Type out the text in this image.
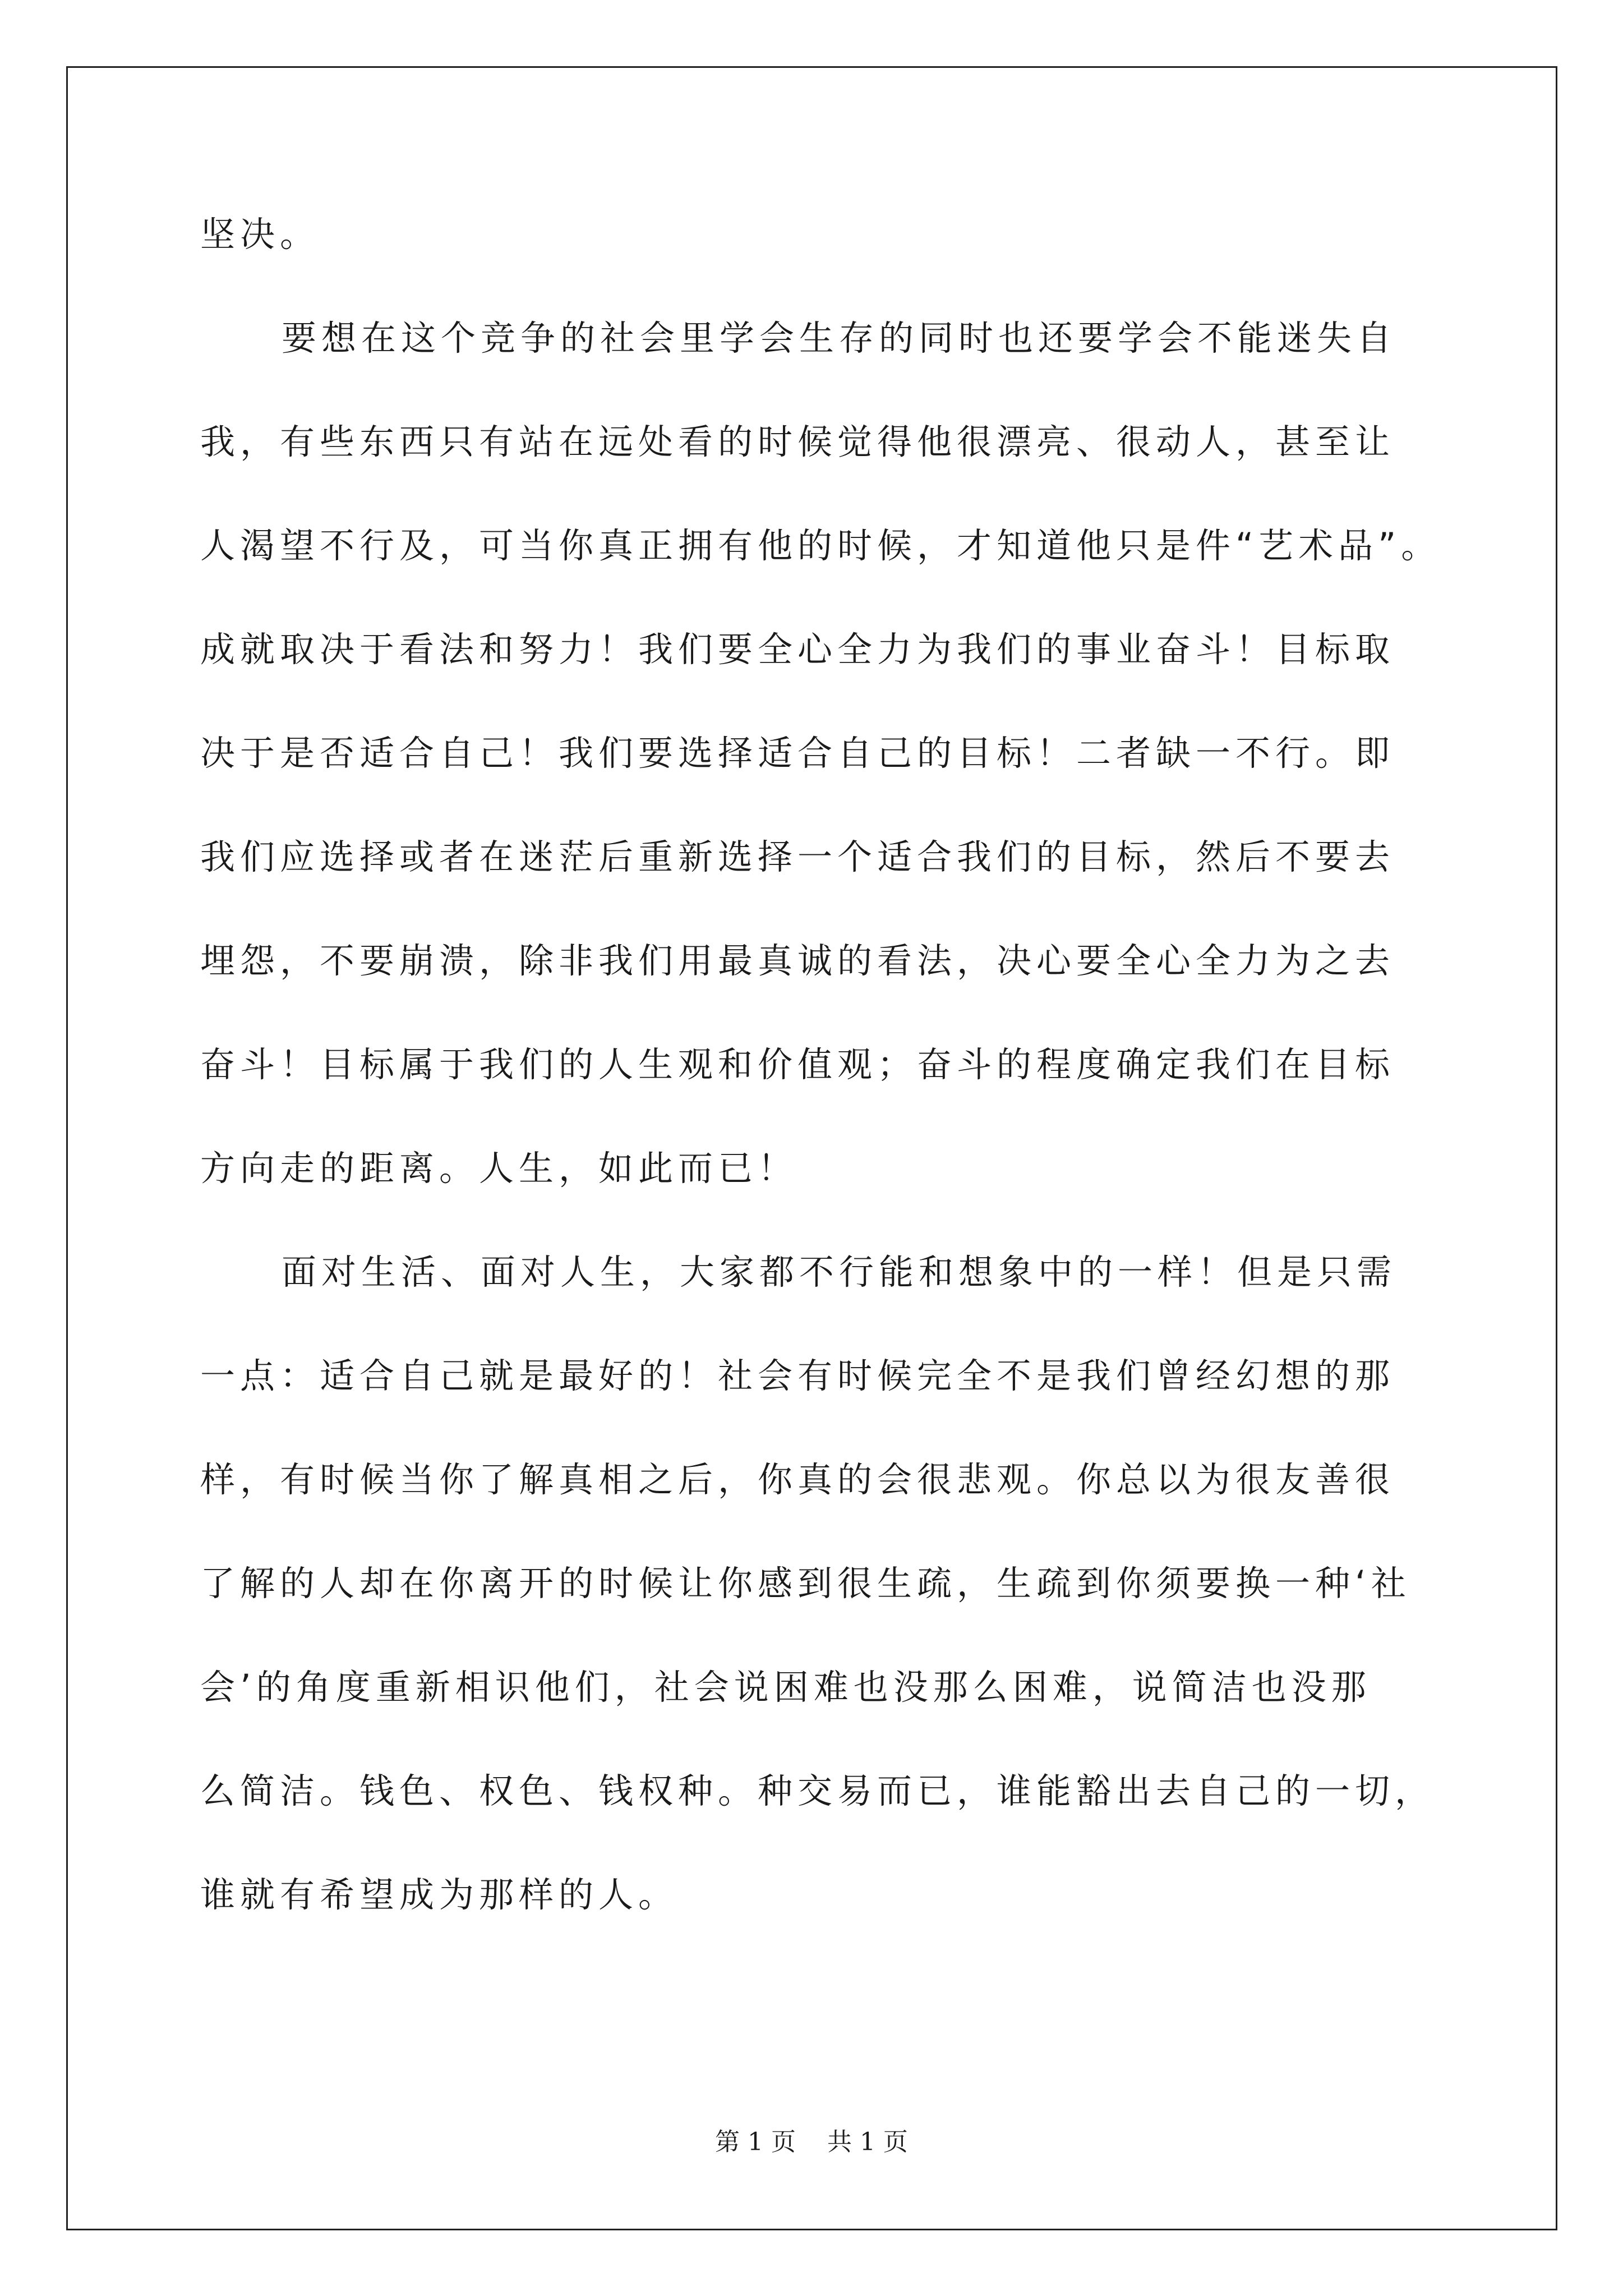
坚决。
要想在这个竞争的社会里学会生存的同时也还要学会不能迷失自
我，有些东西只有站在远处看的时候觉得他很漂亮、很动人，甚至让
人渴望不行及，可当你真正拥有他的时候，才知道他只是件“艺术品”。
成就取决于看法和努力！我们要全心全力为我们的事业奋斗！目标取
决于是否适合自己！我们要选择适合自己的目标！二者缺一不行。即
我们应选择或者在迷茫后重新选择一个适合我们的目标，然后不要去
埋怨，不要崩溃，除非我们用最真诚的看法，决心要全心全力为之去
奋斗！目标属于我们的人生观和价值观；奋斗的程度确定我们在目标
方向走的距离。人生，如此而已！
面对生活、面对人生，大家都不行能和想象中的一样！但是只需
一点：适合自己就是最好的！社会有时候完全不是我们曾经幻想的那
样，有时候当你了解真相之后，你真的会很悲观。你总以为很友善很
了解的人却在你离开的时候让你感到很生疏，生疏到你须要换一种‘社
会’的角度重新相识他们，社会说困难也没那么困难，说简洁也没那
么简洁。钱色、权色、钱权种。种交易而已，谁能豁出去自己的一切，
谁就有希望成为那样的人。
第 1 页    共 1 页
